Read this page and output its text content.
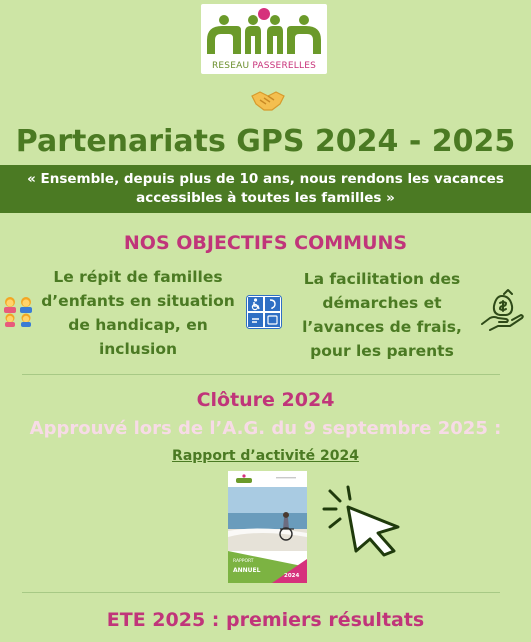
RESEAU PASSERELLES
Partenariats GPS 2024 - 2025
« Ensemble, depuis plus de 10 ans, nous rendons les vacances accessibles à toutes les familles »
NOS OBJECTIFS COMMUNS
Le répit de familles d’enfants en situation de handicap, en inclusion
La facilitation des démarches et l’avances de frais, pour les parents
Clôture 2024
Approuvé lors de l’A.G. du 9 septembre 2025 :
Rapport d’activité 2024
RAPPORT
ANNUEL
2024
ETE 2025 : premiers résultats
